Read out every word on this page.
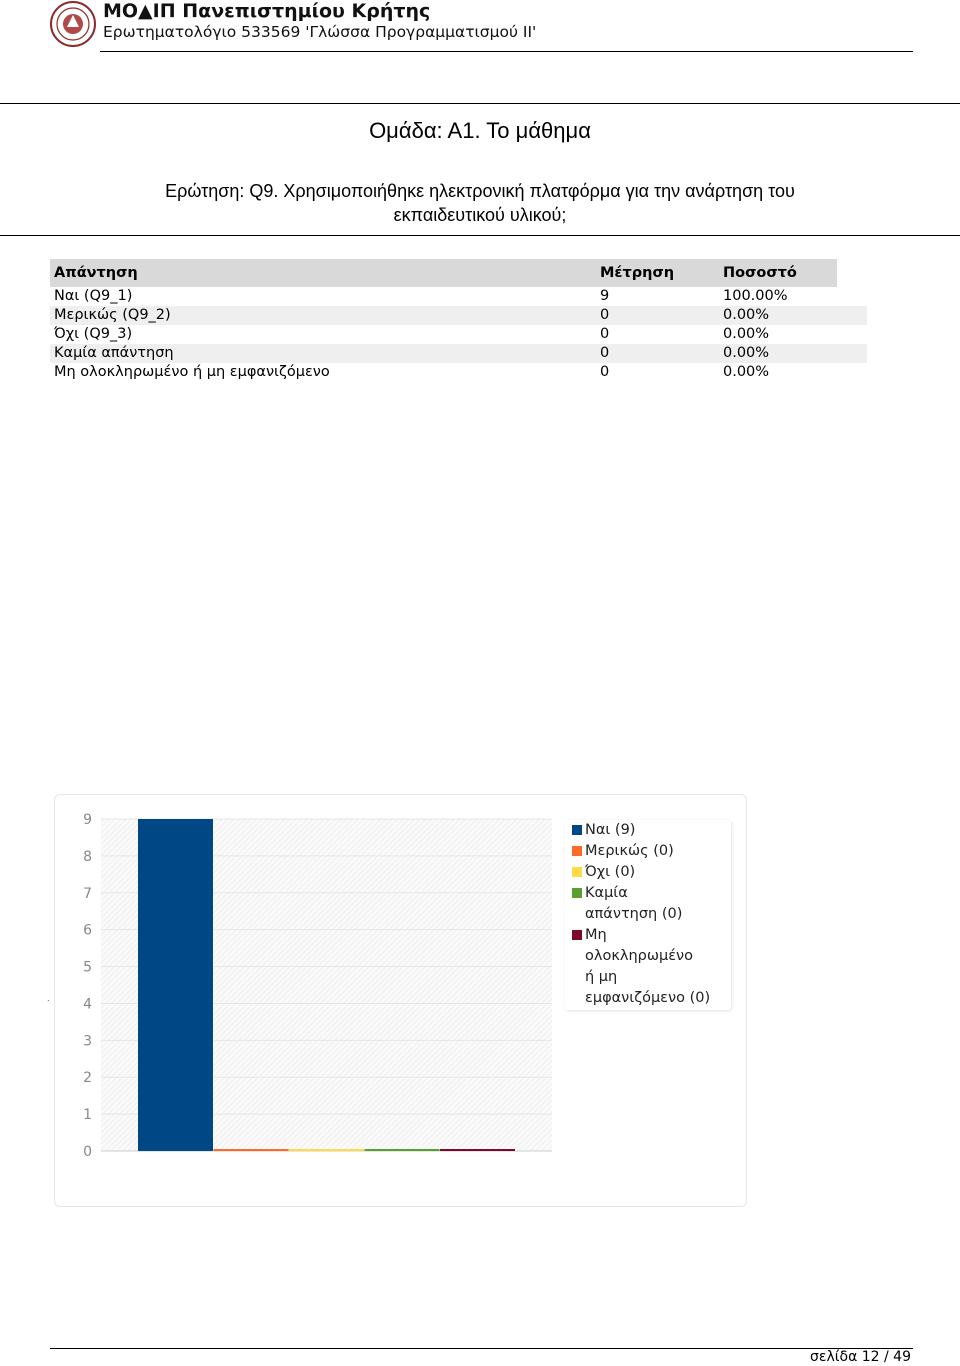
ΜΟ▲ΙΠ Πανεπιστημίου Κρήτης
Ερωτηματολόγιο 533569 'Γλώσσα Προγραμματισμού ΙΙ'
Ομάδα: Α1. Το μάθημα
Ερώτηση: Q9. Χρησιμοποιήθηκε ηλεκτρονική πλατφόρμα για την ανάρτηση του
εκπαιδευτικού υλικού;
Απάντηση	Μέτρηση	Ποσοστό	
Ναι (Q9_1)	9	100.00%	
Μερικώς (Q9_2)	0	0.00%	
Όχι (Q9_3)	0	0.00%	
Καμία απάντηση	0	0.00%	
Μη ολοκληρωμένο ή μη εμφανιζόμενο	0	0.00%	
0
1
2
3
4
5
6
7
8
9
.
Ναι (9)
Μερικώς (0)
Όχι (0)
Καμία
απάντηση (0)
Μη
ολοκληρωμένο
ή μη
εμφανιζόμενο (0)
σελίδα 12 / 49
